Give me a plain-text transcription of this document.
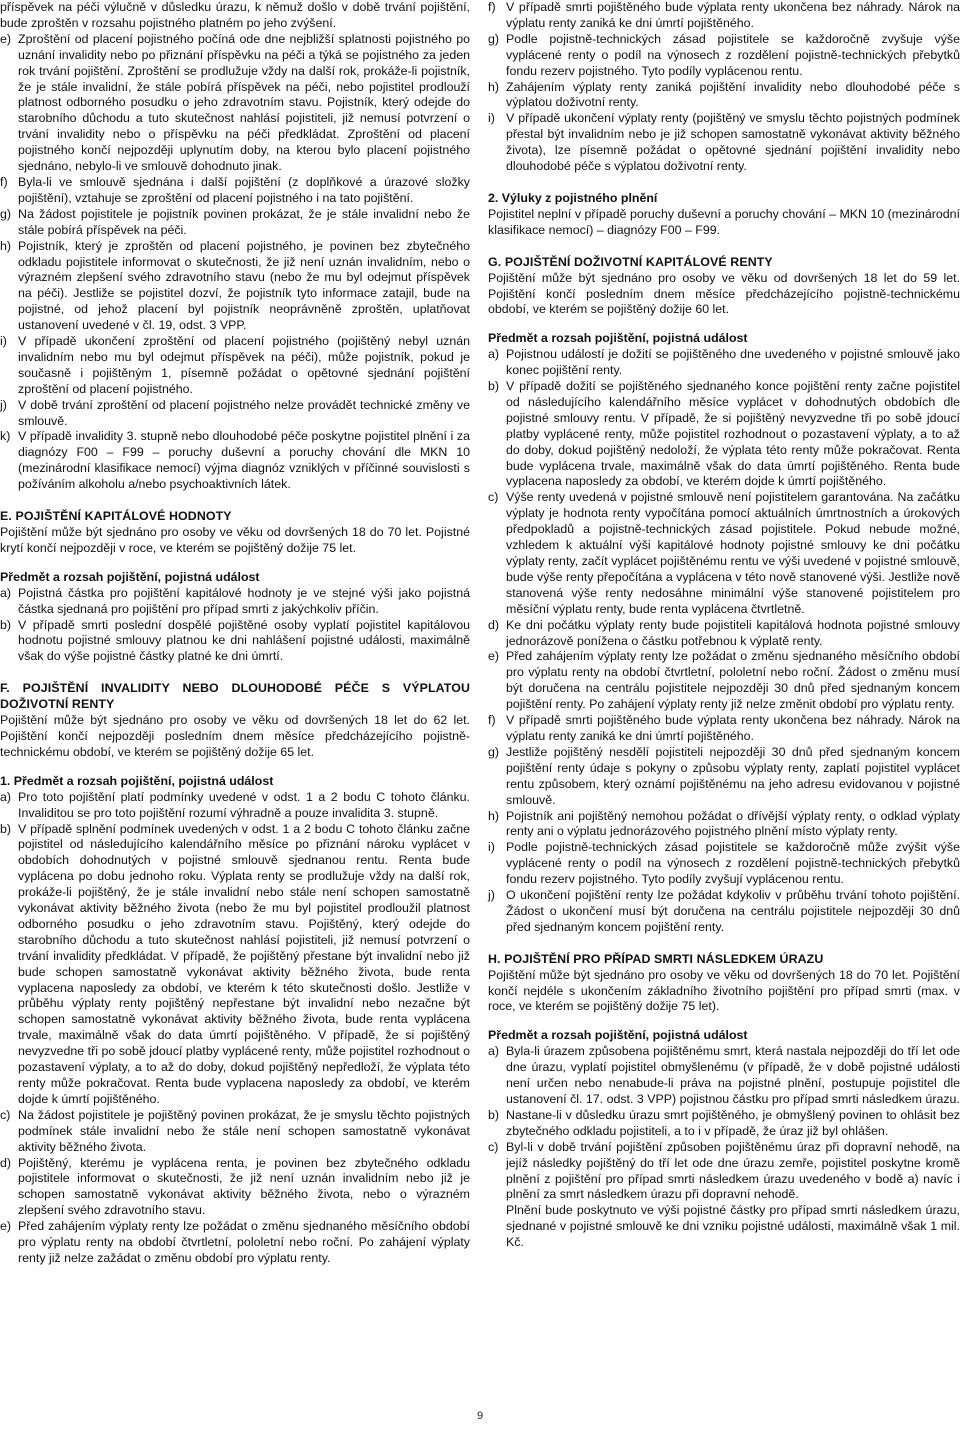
příspěvek na péči výlučně v důsledku úrazu, k němuž došlo v době trvání pojištění, bude zproštěn v rozsahu pojistného platném po jeho zvýšení.

e) Zproštění od placení pojistného počíná ode dne nejbližší splatnosti pojistného po uznání invalidity nebo po přiznání příspěvku na péči a týká se pojistného za jeden rok trvání pojištění. Zproštění se prodlužuje vždy na další rok, prokáže-li pojistník, že je stále invalidní, že stále pobírá příspěvek na péči, nebo pojistitel prodlouží platnost odborného posudku o jeho zdravotním stavu. Pojistník, který odejde do starobního důchodu a tuto skutečnost nahlásí pojistiteli, již nemusí potvrzení o trvání invalidity nebo o příspěvku na péči předkládat. Zproštění od placení pojistného končí nejpozději uplynutím doby, na kterou bylo placení pojistného sjednáno, nebylo-li ve smlouvě dohodnuto jinak.
f) Byla-li ve smlouvě sjednána i další pojištění (z doplňkové a úrazové složky pojištění), vztahuje se zproštění od placení pojistného i na tato pojištění.
g) Na žádost pojistitele je pojistník povinen prokázat, že je stále invalidní nebo že stále pobírá příspěvek na péči.
h) Pojistník, který je zproštěn od placení pojistného, je povinen bez zbytečného odkladu pojistitele informovat o skutečnosti, že již není uznán invalidním, nebo o výrazném zlepšení svého zdravotního stavu (nebo že mu byl odejmut příspěvek na péči). Jestliže se pojistitel dozví, že pojistník tyto informace zatajil, bude na pojistné, od jehož placení byl pojistník neoprávněně zproštěn, uplatňovat ustanovení uvedené v čl. 19, odst. 3 VPP.
i) V případě ukončení zproštění od placení pojistného (pojištěný nebyl uznán invalidním nebo mu byl odejmut příspěvek na péči), může pojistník, pokud je současně i pojištěným 1, písemně požádat o opětovné sjednání pojištění zproštění od placení pojistného.
j) V době trvání zproštění od placení pojistného nelze provádět technické změny ve smlouvě.
k) V případě invalidity 3. stupně nebo dlouhodobé péče poskytne pojistitel plnění i za diagnózy F00 – F99 – poruchy duševní a poruchy chování dle MKN 10 (mezinárodní klasifikace nemocí) výjma diagnóz vzniklých v příčinné souvislosti s požíváním alkoholu a/nebo psychoaktivních látek.

E. POJIŠTĚNÍ KAPITÁLOVÉ HODNOTY

Pojištění může být sjednáno pro osoby ve věku od dovršených 18 do 70 let. Pojistné krytí končí nejpozději v roce, ve kterém se pojištěný dožije 75 let.

Předmět a rozsah pojištění, pojistná událost

a) Pojistná částka pro pojištění kapitálové hodnoty je ve stejné výši jako pojistná částka sjednaná pro pojištění pro případ smrti z jakýchkoliv příčin.
b) V případě smrti poslední dospělé pojištěné osoby vyplatí pojistitel kapitálovou hodnotu pojistné smlouvy platnou ke dni nahlášení pojistné události, maximálně však do výše pojistné částky platné ke dni úmrtí.

F. POJIŠTĚNÍ INVALIDITY NEBO DLOUHODOBÉ PÉČE S VÝPLATOU DOŽIVOTNÍ RENTY

Pojištění může být sjednáno pro osoby ve věku od dovršených 18 let do 62 let. Pojištění končí nejpozději posledním dnem měsíce předcházejícího pojistně-technickému období, ve kterém se pojištěný dožije 65 let.

1. Předmět a rozsah pojištění, pojistná událost

a) Pro toto pojištění platí podmínky uvedené v odst. 1 a 2 bodu C tohoto článku. Invaliditou se pro toto pojištění rozumí výhradně a pouze invalidita 3. stupně.
b) V případě splnění podmínek uvedených v odst. 1 a 2 bodu C tohoto článku začne pojistitel od následujícího kalendářního měsíce po přiznání nároku vyplácet v obdobích dohodnutých v pojistné smlouvě sjednanou rentu. Renta bude vyplácena po dobu jednoho roku. Výplata renty se prodlužuje vždy na další rok, prokáže-li pojištěný, že je stále invalidní nebo stále není schopen samostatně vykonávat aktivity běžného života (nebo že mu byl pojistitel prodloužil platnost odborného posudku o jeho zdravotním stavu. Pojištěný, který odejde do starobního důchodu a tuto skutečnost nahlásí pojistiteli, již nemusí potvrzení o trvání invalidity předkládat. V případě, že pojištěný přestane být invalidní nebo již bude schopen samostatně vykonávat aktivity běžného života, bude renta vyplacena naposledy za období, ve kterém k této skutečnosti došlo. Jestliže v průběhu výplaty renty pojištěný nepřestane být invalidní nebo nezačne být schopen samostatně vykonávat aktivity běžného života, bude renta vyplácena trvale, maximálně však do data úmrtí pojištěného. V případě, že si pojištěný nevyzvedne tři po sobě jdoucí platby vyplácené renty, může pojistitel rozhodnout o pozastavení výplaty, a to až do doby, dokud pojištěný nepředloží, že výplata této renty může pokračovat. Renta bude vyplacena naposledy za období, ve kterém dojde k úmrtí pojištěného.
c) Na žádost pojistitele je pojištěný povinen prokázat, že je smyslu těchto pojistných podmínek stále invalidní nebo že stále není schopen samostatně vykonávat aktivity běžného života.
d) Pojištěný, kterému je vyplácena renta, je povinen bez zbytečného odkladu pojistitele informovat o skutečnosti, že již není uznán invalidním nebo již je schopen samostatně vykonávat aktivity běžného života, nebo o výrazném zlepšení svého zdravotního stavu.
e) Před zahájením výplaty renty lze požádat o změnu sjednaného měsíčního období pro výplatu renty na období čtvrtletní, pololetní nebo roční. Po zahájení výplaty renty již nelze zažádat o změnu období pro výplatu renty.
f) V případě smrti pojištěného bude výplata renty ukončena bez náhrady. Nárok na výplatu renty zaniká ke dni úmrtí pojištěného.
g) Podle pojistně-technických zásad pojistitele se každoročně zvyšuje výše vyplácené renty o podíl na výnosech z rozdělení pojistně-technických přebytků fondu rezerv pojistného. Tyto podíly vyplácenou rentu.
h) Zahájením výplaty renty zaniká pojištění invalidity nebo dlouhodobé péče s výplatou doživotní renty.
i) V případě ukončení výplaty renty (pojištěný ve smyslu těchto pojistných podmínek přestal být invalidním nebo je již schopen samostatně vykonávat aktivity běžného života), lze písemně požádat o opětovné sjednání pojištění invalidity nebo dlouhodobé péče s výplatou doživotní renty.

2. Výluky z pojistného plnění

Pojistitel neplní v případě poruchy duševní a poruchy chování – MKN 10 (mezinárodní klasifikace nemocí) – diagnózy F00 – F99.

G. POJIŠTĚNÍ DOŽIVOTNÍ KAPITÁLOVÉ RENTY

Pojištění může být sjednáno pro osoby ve věku od dovršených 18 let do 59 let. Pojištění končí posledním dnem měsíce předcházejícího pojistně-technickému období, ve kterém se pojištěný dožije 60 let.

Předmět a rozsah pojištění, pojistná událost

a) Pojistnou událostí je dožití se pojištěného dne uvedeného v pojistné smlouvě jako konec pojištění renty.
b) V případě dožití se pojištěného sjednaného konce pojištění renty začne pojistitel od následujícího kalendářního měsíce vyplácet v dohodnutých obdobích dle pojistné smlouvy rentu. V případě, že si pojištěný nevyzvedne tři po sobě jdoucí platby vyplácené renty, může pojistitel rozhodnout o pozastavení výplaty, a to až do doby, dokud pojištěný nedoloží, že výplata této renty může pokračovat. Renta bude vyplácena trvale, maximálně však do data úmrtí pojištěného. Renta bude vyplacena naposledy za období, ve kterém dojde k úmrtí pojištěného.
c) Výše renty uvedená v pojistné smlouvě není pojistitelem garantována. Na začátku výplaty je hodnota renty vypočítána pomocí aktuálních úmrtnostních a úrokových předpokladů a pojistně-technických zásad pojistitele. Pokud nebude možné, vzhledem k aktuální výši kapitálové hodnoty pojistné smlouvy ke dni počátku výplaty renty, začít vyplácet pojištěnému rentu ve výši uvedené v pojistné smlouvě, bude výše renty přepočítána a vyplácena v této nově stanovené výši. Jestliže nově stanovená výše renty nedosáhne minimální výše stanovené pojistitelem pro měsíční výplatu renty, bude renta vyplácena čtvrtletně.
d) Ke dni počátku výplaty renty bude pojistiteli kapitálová hodnota pojistné smlouvy jednorázově ponížena o částku potřebnou k výplatě renty.
e) Před zahájením výplaty renty lze požádat o změnu sjednaného měsíčního období pro výplatu renty na období čtvrtletní, pololetní nebo roční. Žádost o změnu musí být doručena na centrálu pojistitele nejpozději 30 dnů před sjednaným koncem pojištění renty. Po zahájení výplaty renty již nelze změnit období pro výplatu renty.
f) V případě smrti pojištěného bude výplata renty ukončena bez náhrady. Nárok na výplatu renty zaniká ke dni úmrtí pojištěného.
g) Jestliže pojištěný nesdělí pojistiteli nejpozději 30 dnů před sjednaným koncem pojištění renty údaje s pokyny o způsobu výplaty renty, zaplatí pojistitel vyplácet rentu způsobem, který oznámí pojištěnému na jeho adresu evidovanou v pojistné smlouvě.
h) Pojistník ani pojištěný nemohou požádat o dřívější výplaty renty, o odklad výplaty renty ani o výplatu jednorázového pojistného plnění místo výplaty renty.
i) Podle pojistně-technických zásad pojistitele se každoročně může zvýšit výše vyplácené renty o podíl na výnosech z rozdělení pojistně-technických přebytků fondu rezerv pojistného. Tyto podíly zvyšují vyplácenou rentu.
j) O ukončení pojištění renty lze požádat kdykoliv v průběhu trvání tohoto pojištění. Žádost o ukončení musí být doručena na centrálu pojistitele nejpozději 30 dnů před sjednaným koncem pojištění renty.

H. POJIŠTĚNÍ PRO PŘÍPAD SMRTI NÁSLEDKEM ÚRAZU

Pojištění může být sjednáno pro osoby ve věku od dovršených 18 do 70 let. Pojištění končí nejdéle s ukončením základního životního pojištění pro případ smrti (max. v roce, ve kterém se pojištěný dožije 75 let).

Předmět a rozsah pojištění, pojistná událost

a) Byla-li úrazem způsobena pojištěnému smrt, která nastala nejpozději do tří let ode dne úrazu, vyplatí pojistitel obmyšlenému (v případě, že v době pojistné události není určen nebo nenabude-li práva na pojistné plnění, postupuje pojistitel dle ustanovení čl. 17. odst. 3 VPP) pojistnou částku pro případ smrti následkem úrazu.
b) Nastane-li v důsledku úrazu smrt pojištěného, je obmyšlený povinen to ohlásit bez zbytečného odkladu pojistiteli, a to i v případě, že úraz již byl ohlášen.
c) Byl-li v době trvání pojištění způsoben pojištěnému úraz při dopravní nehodě, na jejíž následky pojištěný do tří let ode dne úrazu zemře, pojistitel poskytne kromě plnění z pojištění pro případ smrti následkem úrazu uvedeného v bodě a) navíc i plnění za smrt následkem úrazu při dopravní nehodě.
Plnění bude poskytnuto ve výši pojistné částky pro případ smrti následkem úrazu, sjednané v pojistné smlouvě ke dni vzniku pojistné události, maximálně však 1 mil. Kč.
9
